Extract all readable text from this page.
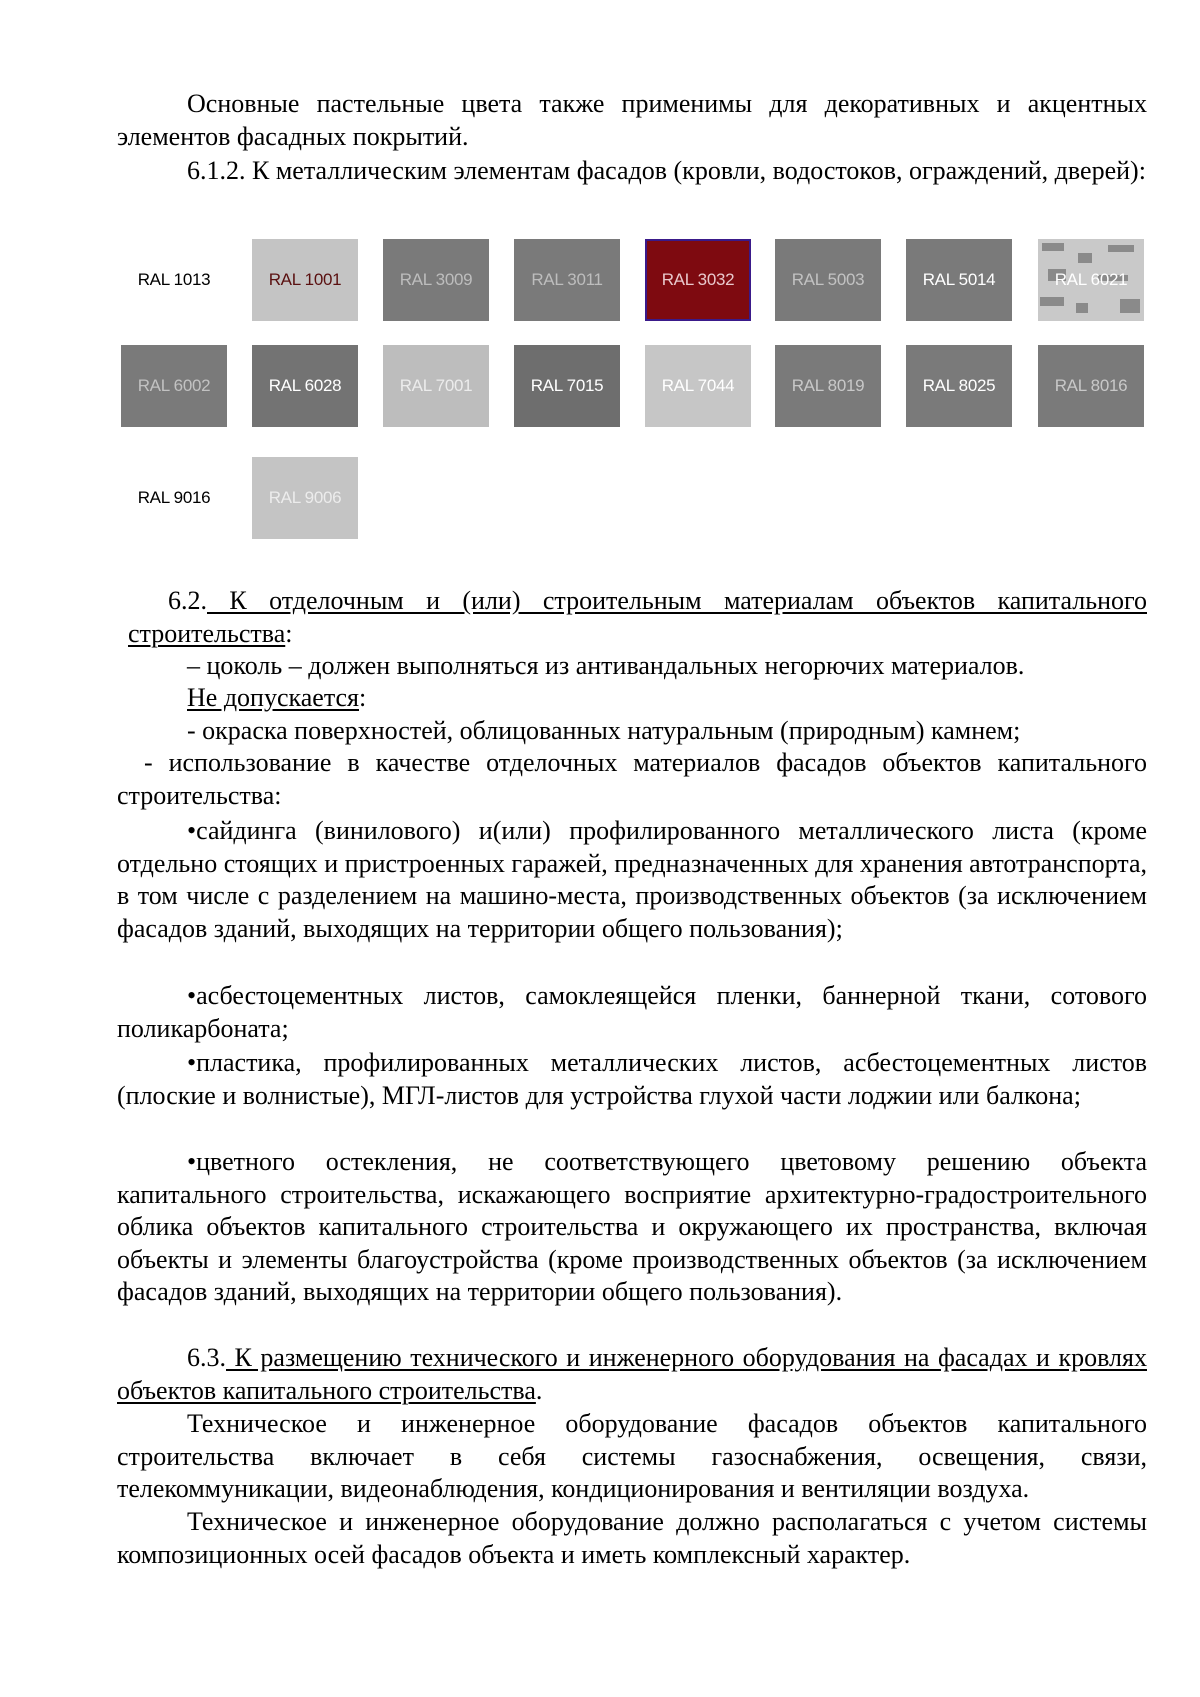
Основные пастельные цвета также применимы для декоративных и акцентных элементов фасадных покрытий.

6.1.2. К металлическим элементам фасадов (кровли, водостоков, ограждений, дверей):

RAL 1013	RAL 1001	RAL 3009	RAL 3011	RAL 3032	RAL 5003	RAL 5014	RAL 6021
RAL 6002	RAL 6028	RAL 7001	RAL 7015	RAL 7044	RAL 8019	RAL 8025	RAL 8016
RAL 9016	RAL 9006

6.2. К отделочным и (или) строительным материалам объектов капитального строительства:

– цоколь – должен выполняться из антивандальных негорючих материалов.

Не допускается:

- окраска поверхностей, облицованных натуральным (природным) камнем;

- использование в качестве отделочных материалов фасадов объектов капитального строительства:

•сайдинга (винилового) и(или) профилированного металлического листа (кроме отдельно стоящих и пристроенных гаражей, предназначенных для хранения автотранспорта, в том числе с разделением на машино-места, производственных объектов (за исключением фасадов зданий, выходящих на территории общего пользования);

•асбестоцементных листов, самоклеящейся пленки, баннерной ткани, сотового поликарбоната;

•пластика, профилированных металлических листов, асбестоцементных листов (плоские и волнистые), МГЛ-листов для устройства глухой части лоджии или балкона;

•цветного остекления, не соответствующего цветовому решению объекта капитального строительства, искажающего восприятие архитектурно-градостроительного облика объектов капитального строительства и окружающего их пространства, включая объекты и элементы благоустройства (кроме производственных объектов (за исключением фасадов зданий, выходящих на территории общего пользования).

6.3. К размещению технического и инженерного оборудования на фасадах и кровлях объектов капитального строительства.

Техническое и инженерное оборудование фасадов объектов капитального строительства включает в себя системы газоснабжения, освещения, связи, телекоммуникации, видеонаблюдения, кондиционирования и вентиляции воздуха.

Техническое и инженерное оборудование должно располагаться с учетом системы композиционных осей фасадов объекта и иметь комплексный характер.
